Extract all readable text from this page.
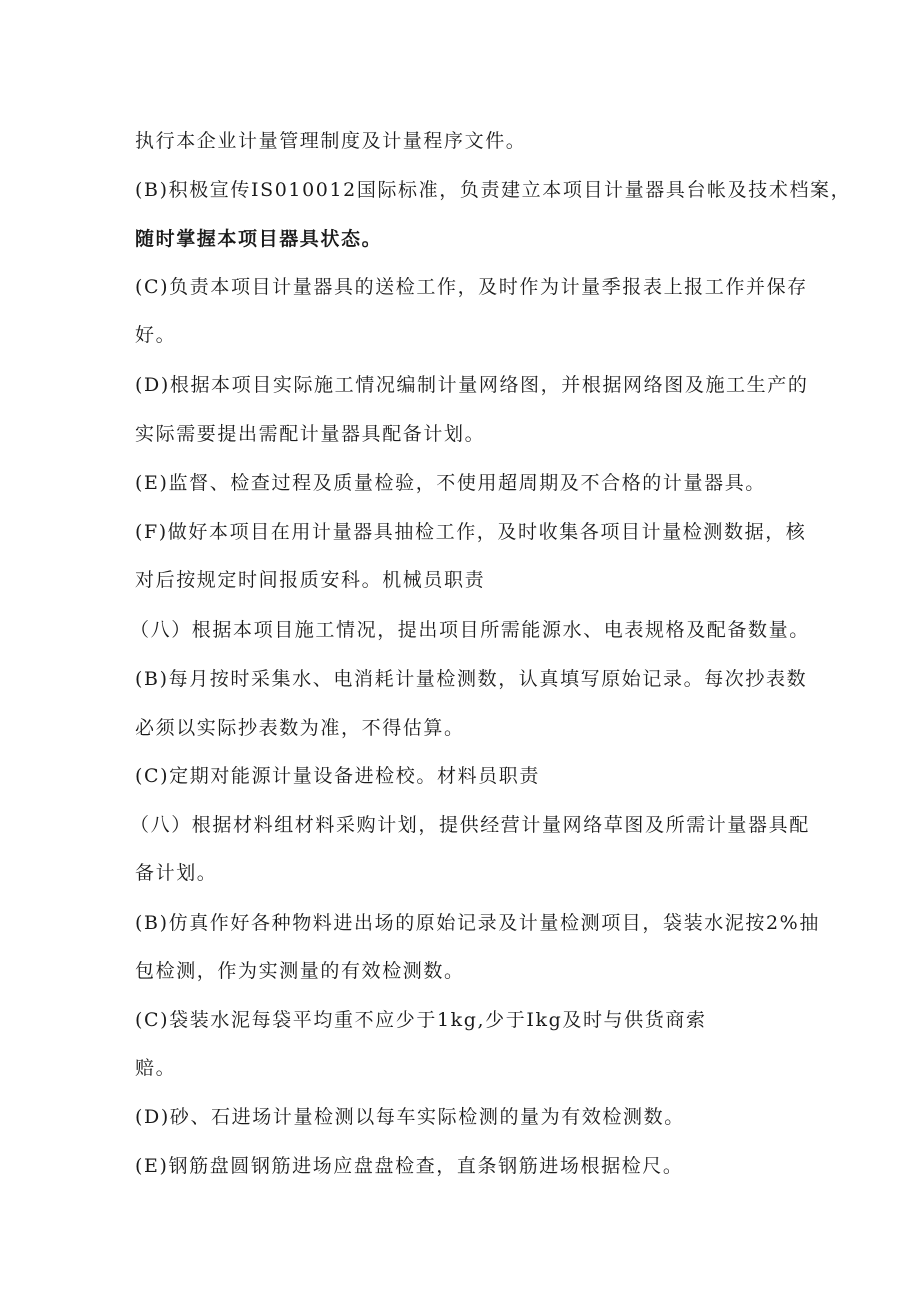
执行本企业计量管理制度及计量程序文件。
(B)积极宣传IS010012国际标准，负责建立本项目计量器具台帐及技术档案，
随时掌握本项目器具状态。
(C)负责本项目计量器具的送检工作，及时作为计量季报表上报工作并保存
好。
(D)根据本项目实际施工情况编制计量网络图，并根据网络图及施工生产的
实际需要提出需配计量器具配备计划。
(E)监督、检查过程及质量检验，不使用超周期及不合格的计量器具。
(F)做好本项目在用计量器具抽检工作，及时收集各项目计量检测数据，核
对后按规定时间报质安科。机械员职责
（八）根据本项目施工情况，提出项目所需能源水、电表规格及配备数量。
(B)每月按时采集水、电消耗计量检测数，认真填写原始记录。每次抄表数
必须以实际抄表数为准，不得估算。
(C)定期对能源计量设备进检校。材料员职责
（八）根据材料组材料采购计划，提供经营计量网络草图及所需计量器具配
备计划。
(B)仿真作好各种物料进出场的原始记录及计量检测项目，袋装水泥按2%抽
包检测，作为实测量的有效检测数。
(C)袋装水泥每袋平均重不应少于1kg,少于Ikg及时与供货商索
赔。
(D)砂、石进场计量检测以每车实际检测的量为有效检测数。
(E)钢筋盘圆钢筋进场应盘盘检查，直条钢筋进场根据检尺。
